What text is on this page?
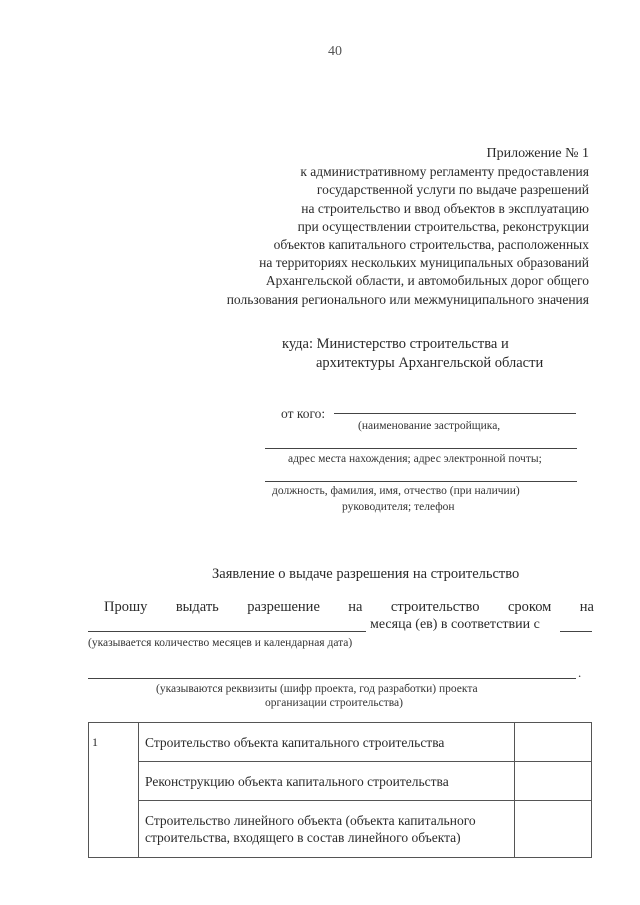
40
Приложение № 1
к административному регламенту предоставления
государственной услуги по выдаче разрешений
на строительство и ввод объектов в эксплуатацию
при осуществлении строительства, реконструкции
объектов капитального строительства, расположенных
на территориях нескольких муниципальных образований
Архангельской области, и автомобильных дорог общего
пользования регионального или межмуниципального значения
куда: Министерство строительства и
архитектуры Архангельской области
от кого:
(наименование застройщика,
адрес места нахождения; адрес электронной почты;
должность, фамилия, имя, отчество (при наличии)
руководителя; телефон
Заявление о выдаче разрешения на строительство
Прошу выдать разрешение на строительство сроком на
месяца (ев) в соответствии с
(указывается количество месяцев и календарная дата)
.
(указываются реквизиты (шифр проекта, год разработки) проекта
организации строительства)
1	Строительство объекта капитального строительства	
	Реконструкцию объекта капитального строительства	
	Строительство линейного объекта (объекта капитального строительства, входящего в состав линейного объекта)	
